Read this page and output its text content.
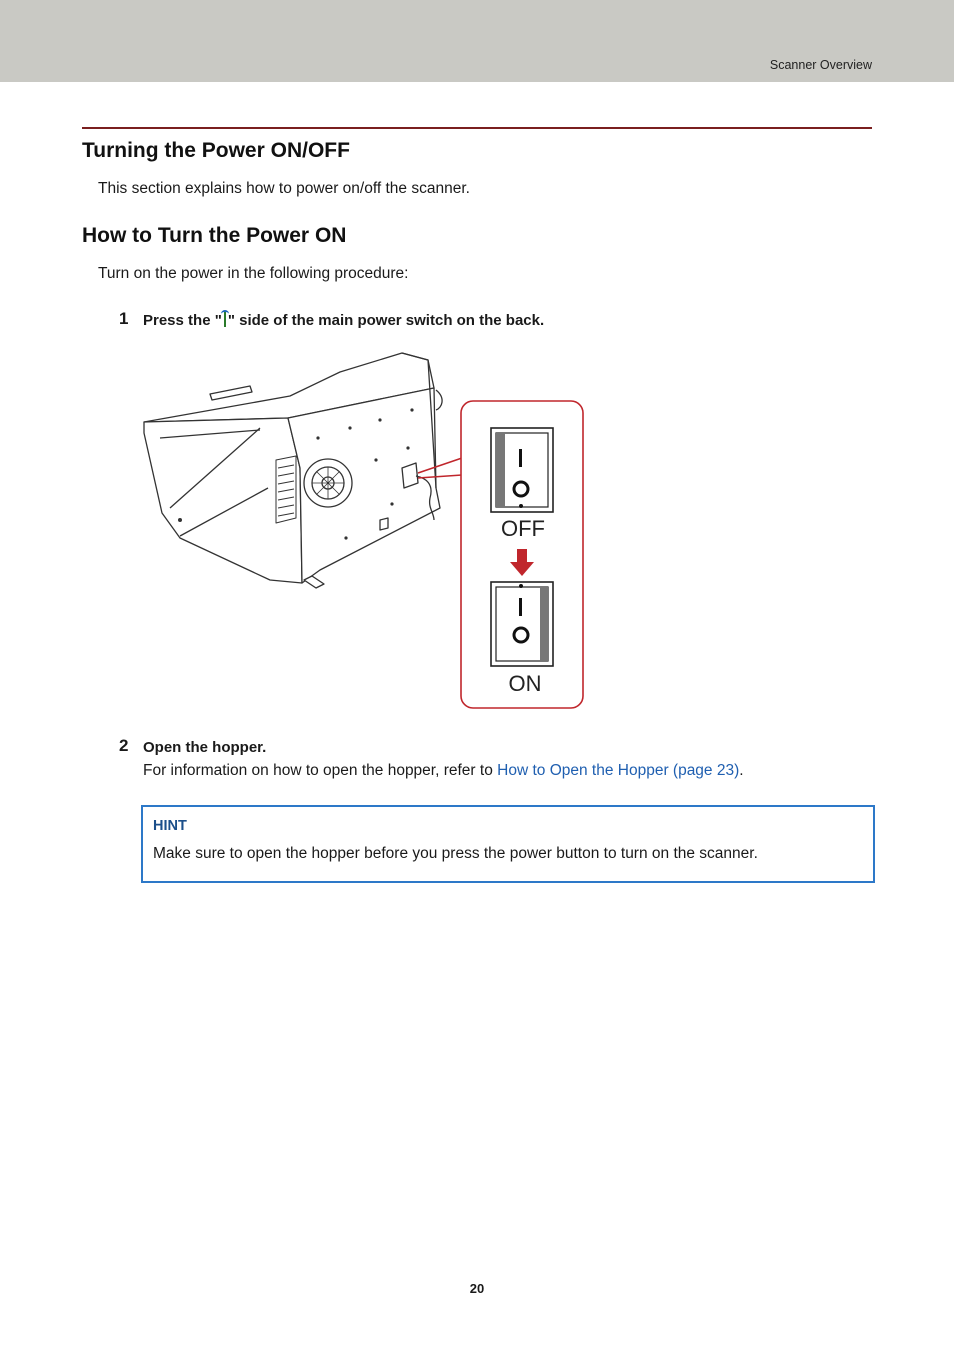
Scanner Overview
Turning the Power ON/OFF
This section explains how to power on/off the scanner.
How to Turn the Power ON
Turn on the power in the following procedure:
1 Press the " " side of the main power switch on the back.
OFF
ON
2 Open the hopper.
For information on how to open the hopper, refer to How to Open the Hopper (page 23).
HINT
Make sure to open the hopper before you press the power button to turn on the scanner.
20
